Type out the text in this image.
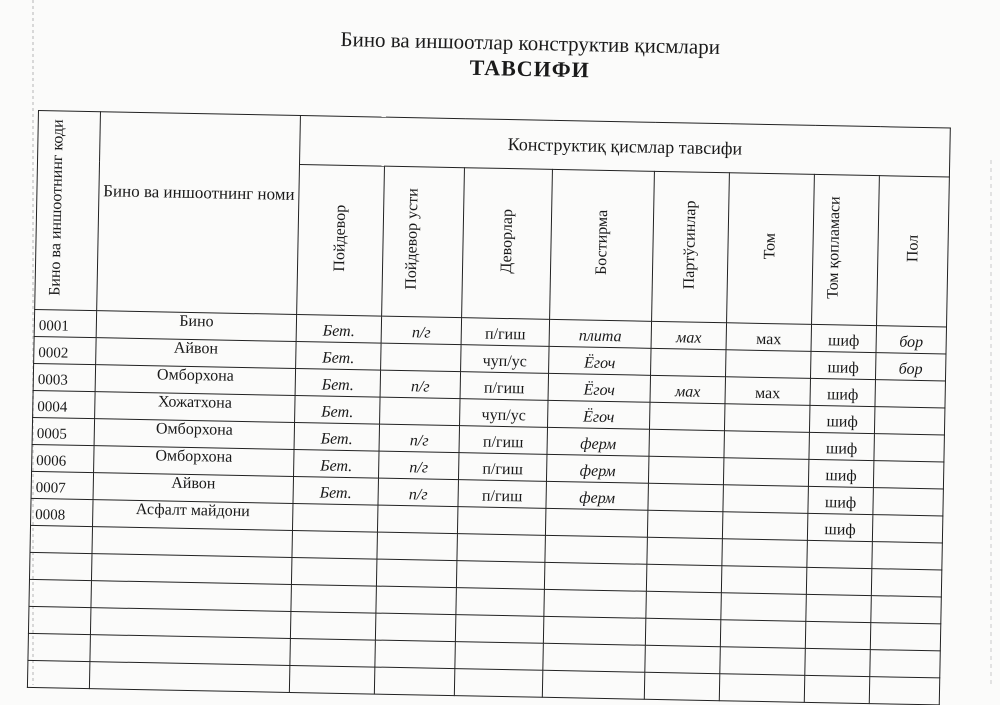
Бино ва иншоотлар конструктив қисмлари
ТАВСИФИ
Бино ва иншоотнинг коди	Бино ва иншоотнинг номи	Конструктиқ қисмлар тавсифи							
		Пойдевор	Пойдевор усти	Деворлар	Бостирма	Партўсинлар	Том	Том қопламаси	Пол
0001	Бино	Бет.	п/г	п/гиш	плита	мах	мах	шиф	бор
0002	Айвон	Бет.		чуп/ус	Ёгоч			шиф	бор
0003	Омборхона	Бет.	п/г	п/гиш	Ёгоч	мах	мах	шиф	
0004	Хожатхона	Бет.		чуп/ус	Ёгоч			шиф	
0005	Омборхона	Бет.	п/г	п/гиш	ферм			шиф	
0006	Омборхона	Бет.	п/г	п/гиш	ферм			шиф	
0007	Айвон	Бет.	п/г	п/гиш	ферм			шиф	
0008	Асфалт майдони							шиф	
